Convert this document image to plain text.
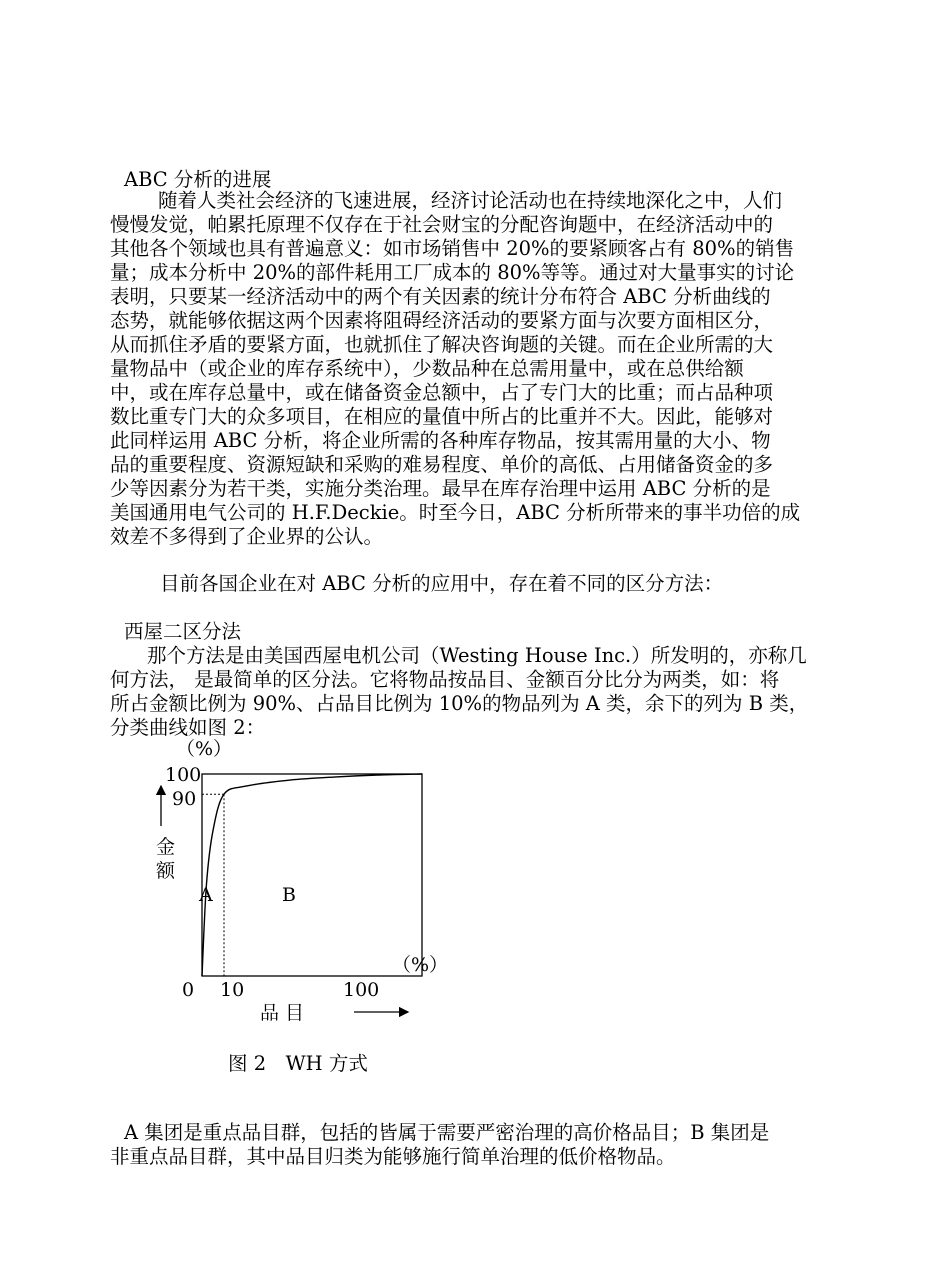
ABC 分析的进展
随着人类社会经济的飞速进展，经济讨论活动也在持续地深化之中，人们
慢慢发觉，帕累托原理不仅存在于社会财宝的分配咨询题中，在经济活动中的
其他各个领域也具有普遍意义：如市场销售中 20%的要紧顾客占有 80%的销售
量；成本分析中 20%的部件耗用工厂成本的 80%等等。通过对大量事实的讨论
表明，只要某一经济活动中的两个有关因素的统计分布符合 ABC 分析曲线的
态势，就能够依据这两个因素将阻碍经济活动的要紧方面与次要方面相区分，
从而抓住矛盾的要紧方面，也就抓住了解决咨询题的关键。而在企业所需的大
量物品中（或企业的库存系统中），少数品种在总需用量中，或在总供给额
中，或在库存总量中，或在储备资金总额中，占了专门大的比重；而占品种项
数比重专门大的众多项目，在相应的量值中所占的比重并不大。因此，能够对
此同样运用 ABC 分析，将企业所需的各种库存物品，按其需用量的大小、物
品的重要程度、资源短缺和采购的难易程度、单价的高低、占用储备资金的多
少等因素分为若干类，实施分类治理。最早在库存治理中运用 ABC 分析的是
美国通用电气公司的 H.F.Deckie。时至今日，ABC 分析所带来的事半功倍的成
效差不多得到了企业界的公认。
目前各国企业在对 ABC 分析的应用中，存在着不同的区分方法：
西屋二区分法
那个方法是由美国西屋电机公司（Westing House Inc.）所发明的，亦称几
何方法， 是最简单的区分法。它将物品按品目、金额百分比分为两类，如：将
所占金额比例为 90%、占品目比例为 10%的物品列为 A 类，余下的列为 B 类，
分类曲线如图 2：
（%）
100
90
金
额
0 10	100
（%）
品 目
A	B
图 2　WH 方式
A 集团是重点品目群，包括的皆属于需要严密治理的高价格品目；B 集团是
非重点品目群，其中品目归类为能够施行简单治理的低价格物品。
